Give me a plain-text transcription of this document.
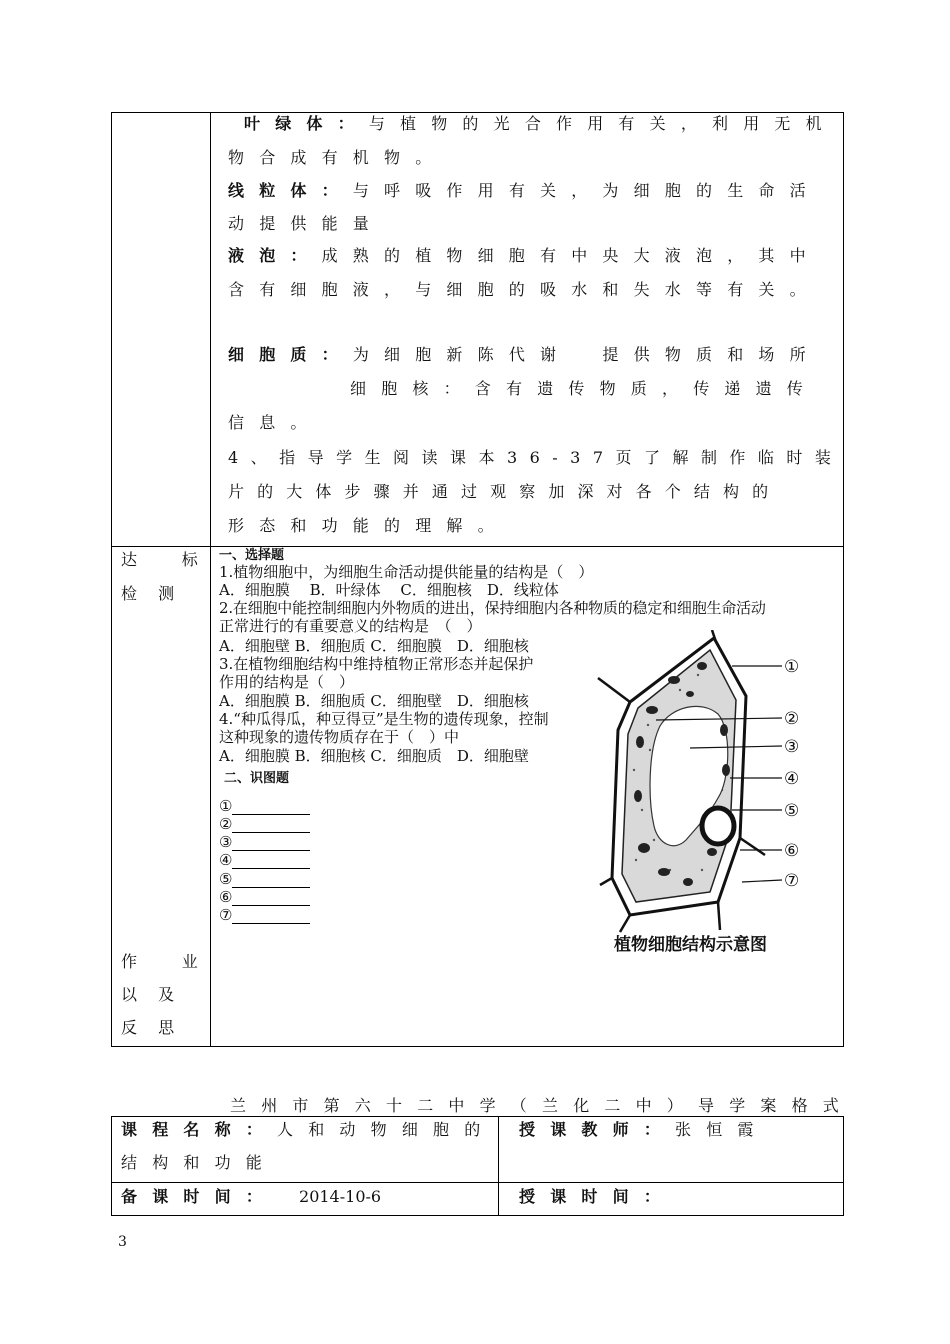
叶绿体：与植物的光合作用有关，利用无机
物合成有机物。
线粒体：与呼吸作用有关，为细胞的生命活
动提供能量
液泡：成熟的植物细胞有中央大液泡，其中
含有细胞液，与细胞的吸水和失水等有关。
细胞质：为细胞新陈代谢　提供物质和场所
细胞核：含有遗传物质，传递遗传
信息。
4、指导学生阅读课本36-37页了解制作临时装
片的大体步骤并通过观察加深对各个结构的
形态和功能的理解。
达　标
检 测
作　业
以 及
反 思
一、选择题
1.植物细胞中，为细胞生命活动提供能量的结构是（　）
A．细胞膜　 B．叶绿体　 C．细胞核　D．线粒体
2.在细胞中能控制细胞内外物质的进出，保持细胞内各种物质的稳定和细胞生命活动
正常进行的有重要意义的结构是　（　）
A．细胞壁 B．细胞质 C．细胞膜　D．细胞核
3.在植物细胞结构中维持植物正常形态并起保护
作用的结构是（　）
A．细胞膜 B．细胞质 C．细胞壁　D．细胞核
4.“种瓜得瓜，种豆得豆”是生物的遗传现象，控制
这种现象的遗传物质存在于（　）中
A．细胞膜 B．细胞核 C．细胞质　D．细胞壁
二、识图题
①
②
③
④
⑤
⑥
⑦
①
②
③
④
⑤
⑥
⑦
植物细胞结构示意图
兰州市第六十二中学（兰化二中）导学案格式
课程名称：人和动物细胞的
结构和功能
授课教师：张恒霞
备课时间： 2014-10-6	授课时间：
3
